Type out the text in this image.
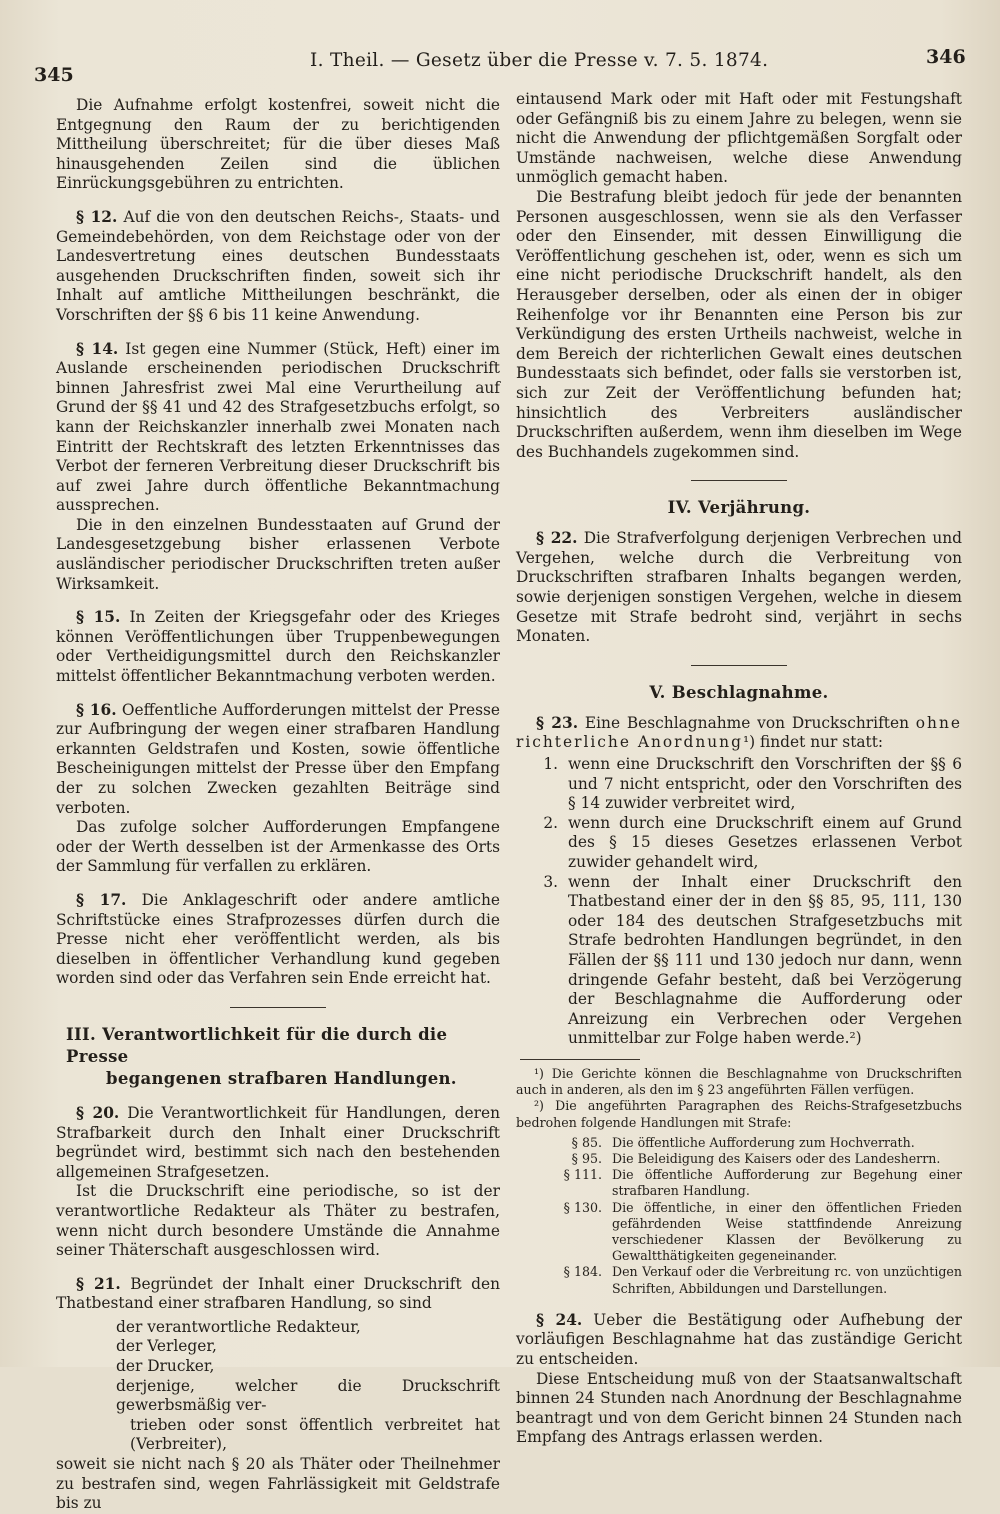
345
I. Theil. — Gesetz über die Presse v. 7. 5. 1874.	346

Die Aufnahme erfolgt kostenfrei, soweit nicht die Entgegnung den Raum der zu berichtigenden Mittheilung überschreitet; für die über dieses Maß hinausgehenden Zeilen sind die üblichen Einrückungsgebühren zu entrichten.

§ 12. Auf die von den deutschen Reichs-, Staats- und Gemeindebehörden, von dem Reichstage oder von der Landesvertretung eines deutschen Bundesstaats ausgehenden Druckschriften finden, soweit sich ihr Inhalt auf amtliche Mittheilungen beschränkt, die Vorschriften der §§ 6 bis 11 keine Anwendung.

§ 14. Ist gegen eine Nummer (Stück, Heft) einer im Auslande erscheinenden periodischen Druckschrift binnen Jahresfrist zwei Mal eine Verurtheilung auf Grund der §§ 41 und 42 des Strafgesetzbuchs erfolgt, so kann der Reichskanzler innerhalb zwei Monaten nach Eintritt der Rechtskraft des letzten Erkenntnisses das Verbot der ferneren Verbreitung dieser Druckschrift bis auf zwei Jahre durch öffentliche Bekanntmachung aussprechen.

Die in den einzelnen Bundesstaaten auf Grund der Landesgesetzgebung bisher erlassenen Verbote ausländischer periodischer Druckschriften treten außer Wirksamkeit.

§ 15. In Zeiten der Kriegsgefahr oder des Krieges können Veröffentlichungen über Truppenbewegungen oder Vertheidigungsmittel durch den Reichskanzler mittelst öffentlicher Bekanntmachung verboten werden.

§ 16. Oeffentliche Aufforderungen mittelst der Presse zur Aufbringung der wegen einer strafbaren Handlung erkannten Geldstrafen und Kosten, sowie öffentliche Bescheinigungen mittelst der Presse über den Empfang der zu solchen Zwecken gezahlten Beiträge sind verboten.

Das zufolge solcher Aufforderungen Empfangene oder der Werth desselben ist der Armenkasse des Orts der Sammlung für verfallen zu erklären.

§ 17. Die Anklageschrift oder andere amtliche Schriftstücke eines Strafprozesses dürfen durch die Presse nicht eher veröffentlicht werden, als bis dieselben in öffentlicher Verhandlung kund gegeben worden sind oder das Verfahren sein Ende erreicht hat.

III. Verantwortlichkeit für die durch die Presse
begangenen strafbaren Handlungen.

§ 20. Die Verantwortlichkeit für Handlungen, deren Strafbarkeit durch den Inhalt einer Druckschrift begründet wird, bestimmt sich nach den bestehenden allgemeinen Strafgesetzen.

Ist die Druckschrift eine periodische, so ist der verantwortliche Redakteur als Thäter zu bestrafen, wenn nicht durch besondere Umstände die Annahme seiner Thäterschaft ausgeschlossen wird.

§ 21. Begründet der Inhalt einer Druckschrift den Thatbestand einer strafbaren Handlung, so sind

der verantwortliche Redakteur,
der Verleger,
der Drucker,
derjenige, welcher die Druckschrift gewerbsmäßig ver-
trieben oder sonst öffentlich verbreitet hat (Verbreiter),

soweit sie nicht nach § 20 als Thäter oder Theilnehmer zu bestrafen sind, wegen Fahrlässigkeit mit Geldstrafe bis zu

eintausend Mark oder mit Haft oder mit Festungshaft oder Gefängniß bis zu einem Jahre zu belegen, wenn sie nicht die Anwendung der pflichtgemäßen Sorgfalt oder Umstände nachweisen, welche diese Anwendung unmöglich gemacht haben.

Die Bestrafung bleibt jedoch für jede der benannten Personen ausgeschlossen, wenn sie als den Verfasser oder den Einsender, mit dessen Einwilligung die Veröffentlichung geschehen ist, oder, wenn es sich um eine nicht periodische Druckschrift handelt, als den Herausgeber derselben, oder als einen der in obiger Reihenfolge vor ihr Benannten eine Person bis zur Verkündigung des ersten Urtheils nachweist, welche in dem Bereich der richterlichen Gewalt eines deutschen Bundesstaats sich befindet, oder falls sie verstorben ist, sich zur Zeit der Veröffentlichung befunden hat; hinsichtlich des Verbreiters ausländischer Druckschriften außerdem, wenn ihm dieselben im Wege des Buchhandels zugekommen sind.

IV. Verjährung.

§ 22. Die Strafverfolgung derjenigen Verbrechen und Vergehen, welche durch die Verbreitung von Druckschriften strafbaren Inhalts begangen werden, sowie derjenigen sonstigen Vergehen, welche in diesem Gesetze mit Strafe bedroht sind, verjährt in sechs Monaten.

V. Beschlagnahme.

§ 23. Eine Beschlagnahme von Druckschriften ohne richterliche Anordnung¹) findet nur statt:

1. wenn eine Druckschrift den Vorschriften der §§ 6 und 7 nicht entspricht, oder den Vorschriften des § 14 zuwider verbreitet wird,
2. wenn durch eine Druckschrift einem auf Grund des § 15 dieses Gesetzes erlassenen Verbot zuwider gehandelt wird,
3. wenn der Inhalt einer Druckschrift den Thatbestand einer der in den §§ 85, 95, 111, 130 oder 184 des deutschen Strafgesetzbuchs mit Strafe bedrohten Handlungen begründet, in den Fällen der §§ 111 und 130 jedoch nur dann, wenn dringende Gefahr besteht, daß bei Verzögerung der Beschlagnahme die Aufforderung oder Anreizung ein Verbrechen oder Vergehen unmittelbar zur Folge haben werde.²)

¹) Die Gerichte können die Beschlagnahme von Druckschriften auch in anderen, als den im § 23 angeführten Fällen verfügen.

²) Die angeführten Paragraphen des Reichs-Strafgesetzbuchs bedrohen folgende Handlungen mit Strafe:

§ 85. Die öffentliche Aufforderung zum Hochverrath.
§ 95. Die Beleidigung des Kaisers oder des Landesherrn.
§ 111. Die öffentliche Aufforderung zur Begehung einer strafbaren Handlung.
§ 130. Die öffentliche, in einer den öffentlichen Frieden gefährdenden Weise stattfindende Anreizung verschiedener Klassen der Bevölkerung zu Gewaltthätigkeiten gegeneinander.
§ 184. Den Verkauf oder die Verbreitung rc. von unzüchtigen Schriften, Abbildungen und Darstellungen.

§ 24. Ueber die Bestätigung oder Aufhebung der vorläufigen Beschlagnahme hat das zuständige Gericht zu entscheiden.

Diese Entscheidung muß von der Staatsanwaltschaft binnen 24 Stunden nach Anordnung der Beschlagnahme beantragt und von dem Gericht binnen 24 Stunden nach Empfang des Antrags erlassen werden.
